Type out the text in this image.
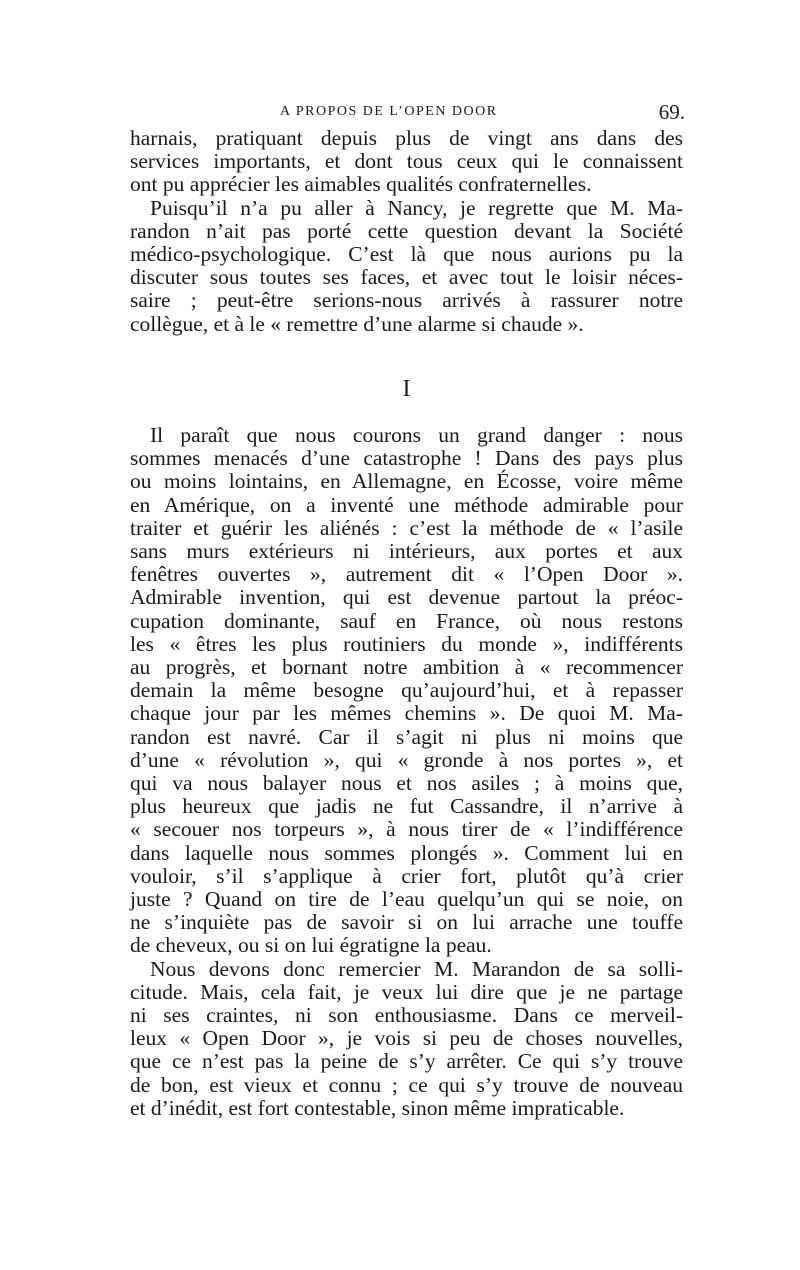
A PROPOS DE L’OPEN DOOR	69.
harnais, pratiquant depuis plus de vingt ans dans des
services importants, et dont tous ceux qui le connaissent
ont pu apprécier les aimables qualités confraternelles.
Puisqu’il n’a pu aller à Nancy, je regrette que M. Ma-
randon n’ait pas porté cette question devant la Société
médico-psychologique. C’est là que nous aurions pu la
discuter sous toutes ses faces, et avec tout le loisir néces-
saire ; peut-être serions-nous arrivés à rassurer notre
collègue, et à le « remettre d’une alarme si chaude ».
I
Il paraît que nous courons un grand danger : nous
sommes menacés d’une catastrophe ! Dans des pays plus
ou moins lointains, en Allemagne, en Écosse, voire même
en Amérique, on a inventé une méthode admirable pour
traiter et guérir les aliénés : c’est la méthode de « l’asile
sans murs extérieurs ni intérieurs, aux portes et aux
fenêtres ouvertes », autrement dit « l’Open Door ».
Admirable invention, qui est devenue partout la préoc-
cupation dominante, sauf en France, où nous restons
les « êtres les plus routiniers du monde », indifférents
au progrès, et bornant notre ambition à « recommencer
demain la même besogne qu’aujourd’hui, et à repasser
chaque jour par les mêmes chemins ». De quoi M. Ma-
randon est navré. Car il s’agit ni plus ni moins que
d’une « révolution », qui « gronde à nos portes », et
qui va nous balayer nous et nos asiles ; à moins que,
plus heureux que jadis ne fut Cassandre, il n’arrive à
« secouer nos torpeurs », à nous tirer de « l’indifférence
dans laquelle nous sommes plongés ». Comment lui en
vouloir, s’il s’applique à crier fort, plutôt qu’à crier
juste ? Quand on tire de l’eau quelqu’un qui se noie, on
ne s’inquiète pas de savoir si on lui arrache une touffe
de cheveux, ou si on lui égratigne la peau.
Nous devons donc remercier M. Marandon de sa solli-
citude. Mais, cela fait, je veux lui dire que je ne partage
ni ses craintes, ni son enthousiasme. Dans ce merveil-
leux « Open Door », je vois si peu de choses nouvelles,
que ce n’est pas la peine de s’y arrêter. Ce qui s’y trouve
de bon, est vieux et connu ; ce qui s’y trouve de nouveau
et d’inédit, est fort contestable, sinon même impraticable.
